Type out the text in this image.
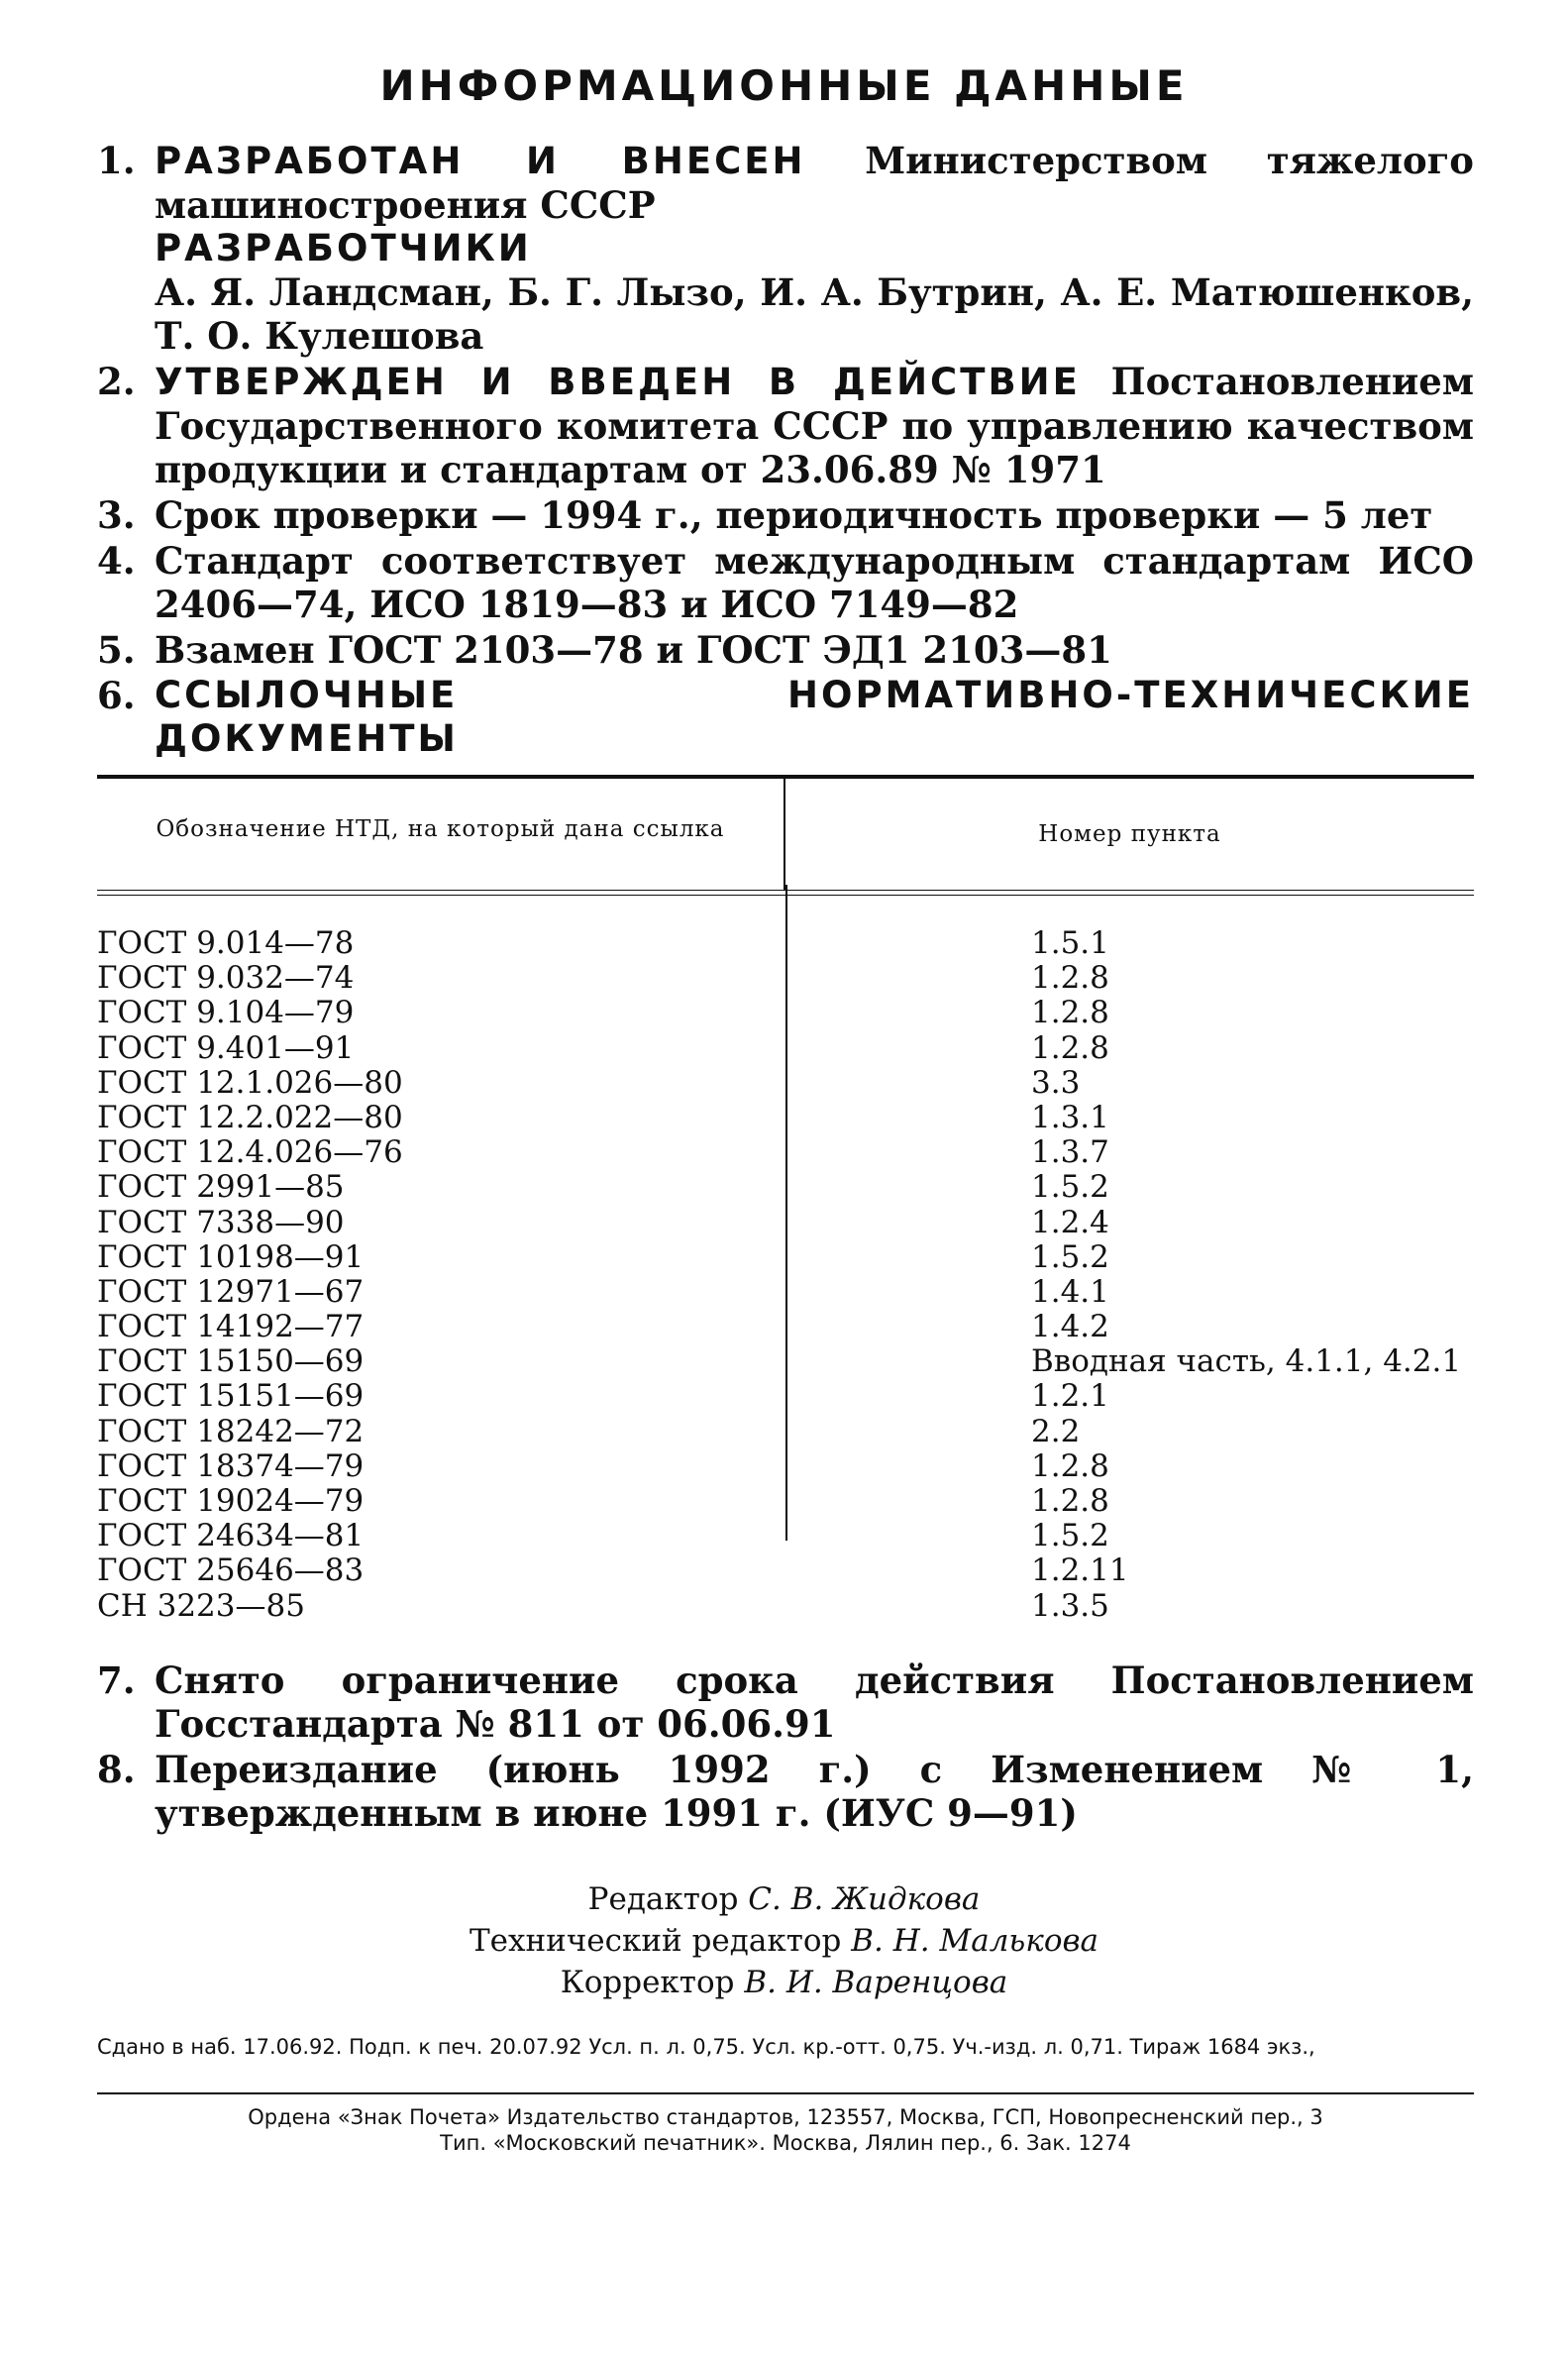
ИНФОРМАЦИОННЫЕ ДАННЫЕ
1. РАЗРАБОТАН И ВНЕСЕН Министерством тяжелого машиностроения СССР
РАЗРАБОТЧИКИ
А. Я. Ландсман, Б. Г. Лызо, И. А. Бутрин, А. Е. Матюшенков, Т. О. Кулешова
2. УТВЕРЖДЕН И ВВЕДЕН В ДЕЙСТВИЕ Постановлением Государственного комитета СССР по управлению качеством продукции и стандартам от 23.06.89 № 1971
3. Срок проверки — 1994 г., периодичность проверки — 5 лет
4. Стандарт соответствует международным стандартам ИСО 2406—74, ИСО 1819—83 и ИСО 7149—82
5. Взамен ГОСТ 2103—78 и ГОСТ ЭД1 2103—81
6. ССЫЛОЧНЫЕ НОРМАТИВНО-ТЕХНИЧЕСКИЕ ДОКУМЕНТЫ
Обозначение НТД, на который дана ссылка	Номер пункта
ГОСТ 9.014—78	1.5.1
ГОСТ 9.032—74	1.2.8
ГОСТ 9.104—79	1.2.8
ГОСТ 9.401—91	1.2.8
ГОСТ 12.1.026—80	3.3
ГОСТ 12.2.022—80	1.3.1
ГОСТ 12.4.026—76	1.3.7
ГОСТ 2991—85	1.5.2
ГОСТ 7338—90	1.2.4
ГОСТ 10198—91	1.5.2
ГОСТ 12971—67	1.4.1
ГОСТ 14192—77	1.4.2
ГОСТ 15150—69	Вводная часть, 4.1.1, 4.2.1
ГОСТ 15151—69	1.2.1
ГОСТ 18242—72	2.2
ГОСТ 18374—79	1.2.8
ГОСТ 19024—79	1.2.8
ГОСТ 24634—81	1.5.2
ГОСТ 25646—83	1.2.11
СН 3223—85	1.3.5
7. Снято ограничение срока действия Постановлением Госстандарта № 811 от 06.06.91
8. Переиздание (июнь 1992 г.) с Изменением № 1, утвержденным в июне 1991 г. (ИУС 9—91)
Редактор С. В. Жидкова
Технический редактор В. Н. Малькова
Корректор В. И. Варенцова
Сдано в наб. 17.06.92. Подп. к печ. 20.07.92 Усл. п. л. 0,75. Усл. кр.-отт. 0,75. Уч.-изд. л. 0,71. Тираж 1684 экз.,
Ордена «Знак Почета» Издательство стандартов, 123557, Москва, ГСП, Новопресненский пер., 3
Тип. «Московский печатник». Москва, Лялин пер., 6. Зак. 1274
